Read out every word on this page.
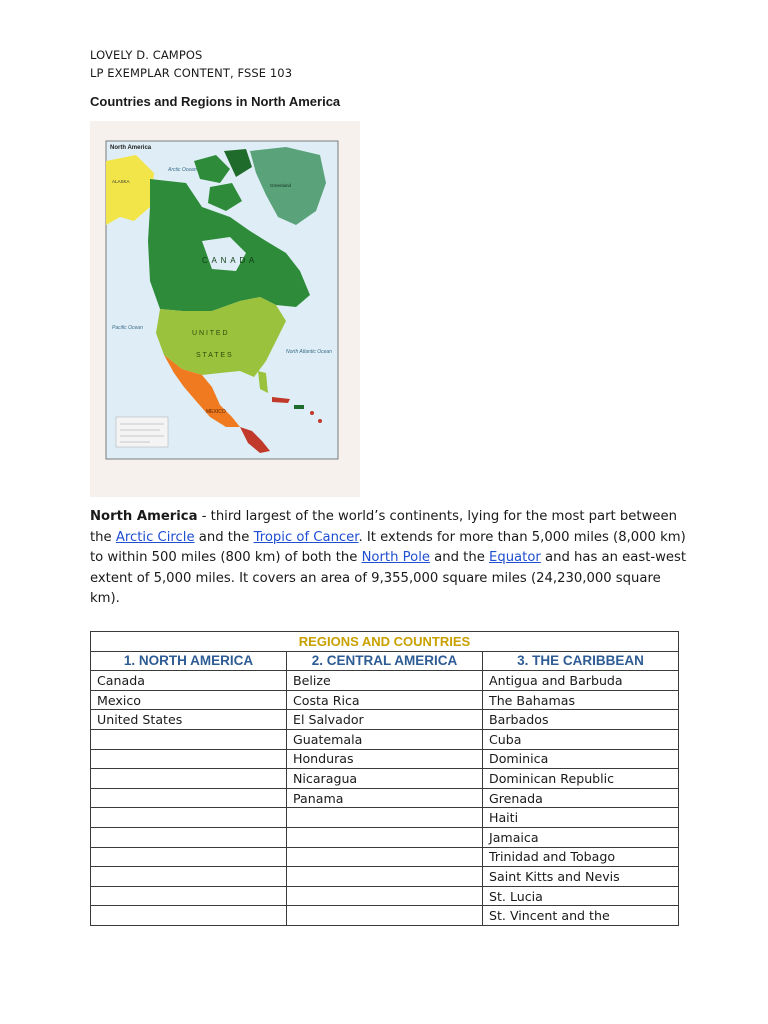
LOVELY D. CAMPOS
LP EXEMPLAR CONTENT, FSSE 103
Countries and Regions in North America
North America
C A N A D A
U N I T E D
S T A T E S
MEXICO
Arctic Ocean
North Atlantic Ocean
Pacific Ocean
ALASKA
Greenland
North America - third largest of the world’s continents, lying for the most part between the Arctic Circle and the Tropic of Cancer. It extends for more than 5,000 miles (8,000 km) to within 500 miles (800 km) of both the North Pole and the Equator and has an east-west extent of 5,000 miles. It covers an area of 9,355,000 square miles (24,230,000 square km).
REGIONS AND COUNTRIES		
1. NORTH AMERICA	2. CENTRAL AMERICA	3. THE CARIBBEAN
Canada	Belize	Antigua and Barbuda
Mexico	Costa Rica	The Bahamas
United States	El Salvador	Barbados
	Guatemala	Cuba
	Honduras	Dominica
	Nicaragua	Dominican Republic
	Panama	Grenada
		Haiti
		Jamaica
		Trinidad and Tobago
		Saint Kitts and Nevis
		St. Lucia
		St. Vincent and the
